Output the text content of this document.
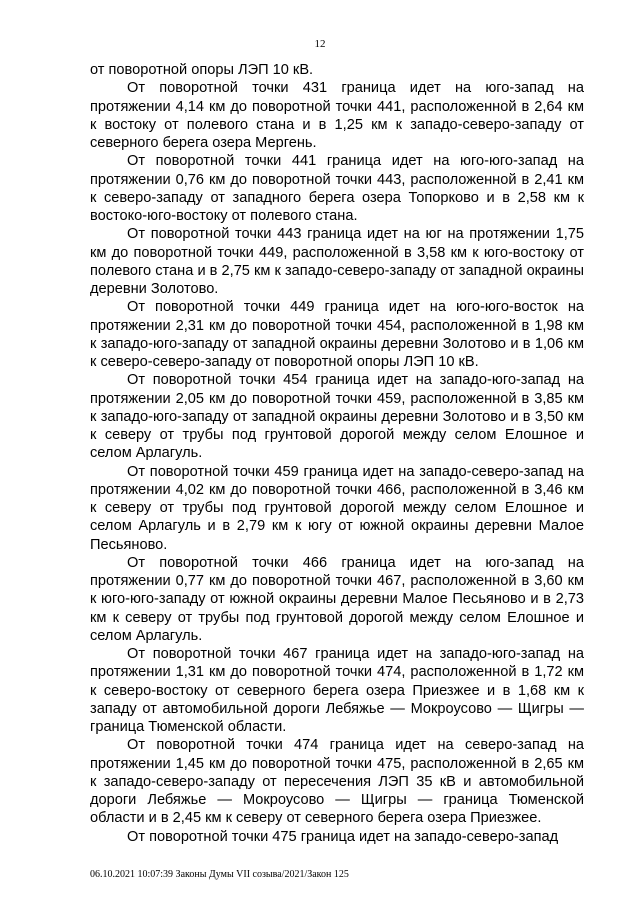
12

от поворотной опоры ЛЭП 10 кВ.

От поворотной точки 431 граница идет на юго-запад на протяжении 4,14 км до поворотной точки 441, расположенной в 2,64 км к востоку от полевого стана и в 1,25 км к западо-северо-западу от северного берега озера Мергень.

От поворотной точки 441 граница идет на юго-юго-запад на протяжении 0,76 км до поворотной точки 443, расположенной в 2,41 км к северо-западу от западного берега озера Топорково и в 2,58 км к востоко-юго-востоку от полевого стана.

От поворотной точки 443 граница идет на юг на протяжении 1,75 км до поворотной точки 449, расположенной в 3,58 км к юго-востоку от полевого стана и в 2,75 км к западо-северо-западу от западной окраины деревни Золотово.

От поворотной точки 449 граница идет на юго-юго-восток на протяжении 2,31 км до поворотной точки 454, расположенной в 1,98 км к западо-юго-западу от западной окраины деревни Золотово и в 1,06 км к северо-северо-западу от поворотной опоры ЛЭП 10 кВ.

От поворотной точки 454 граница идет на западо-юго-запад на протяжении 2,05 км до поворотной точки 459, расположенной в 3,85 км к западо-юго-западу от западной окраины деревни Золотово и в 3,50 км к северу от трубы под грунтовой дорогой между селом Елошное и селом Арлагуль.

От поворотной точки 459 граница идет на западо-северо-запад на протяжении 4,02 км до поворотной точки 466, расположенной в 3,46 км к северу от трубы под грунтовой дорогой между селом Елошное и селом Арлагуль и в 2,79 км к югу от южной окраины деревни Малое Песьяново.

От поворотной точки 466 граница идет на юго-запад на протяжении 0,77 км до поворотной точки 467, расположенной в 3,60 км к юго-юго-западу от южной окраины деревни Малое Песьяново и в 2,73 км к северу от трубы под грунтовой дорогой между селом Елошное и селом Арлагуль.

От поворотной точки 467 граница идет на западо-юго-запад на протяжении 1,31 км до поворотной точки 474, расположенной в 1,72 км к северо-востоку от северного берега озера Приезжее и в 1,68 км к западу от автомобильной дороги Лебяжье — Мокроусово — Щигры — граница Тюменской области.

От поворотной точки 474 граница идет на северо-запад на протяжении 1,45 км до поворотной точки 475, расположенной в 2,65 км к западо-северо-западу от пересечения ЛЭП 35 кВ и автомобильной дороги Лебяжье — Мокроусово — Щигры — граница Тюменской области и в 2,45 км к северу от северного берега озера Приезжее.

От поворотной точки 475 граница идет на западо-северо-запад

06.10.2021 10:07:39 Законы Думы VII созыва/2021/Закон 125
